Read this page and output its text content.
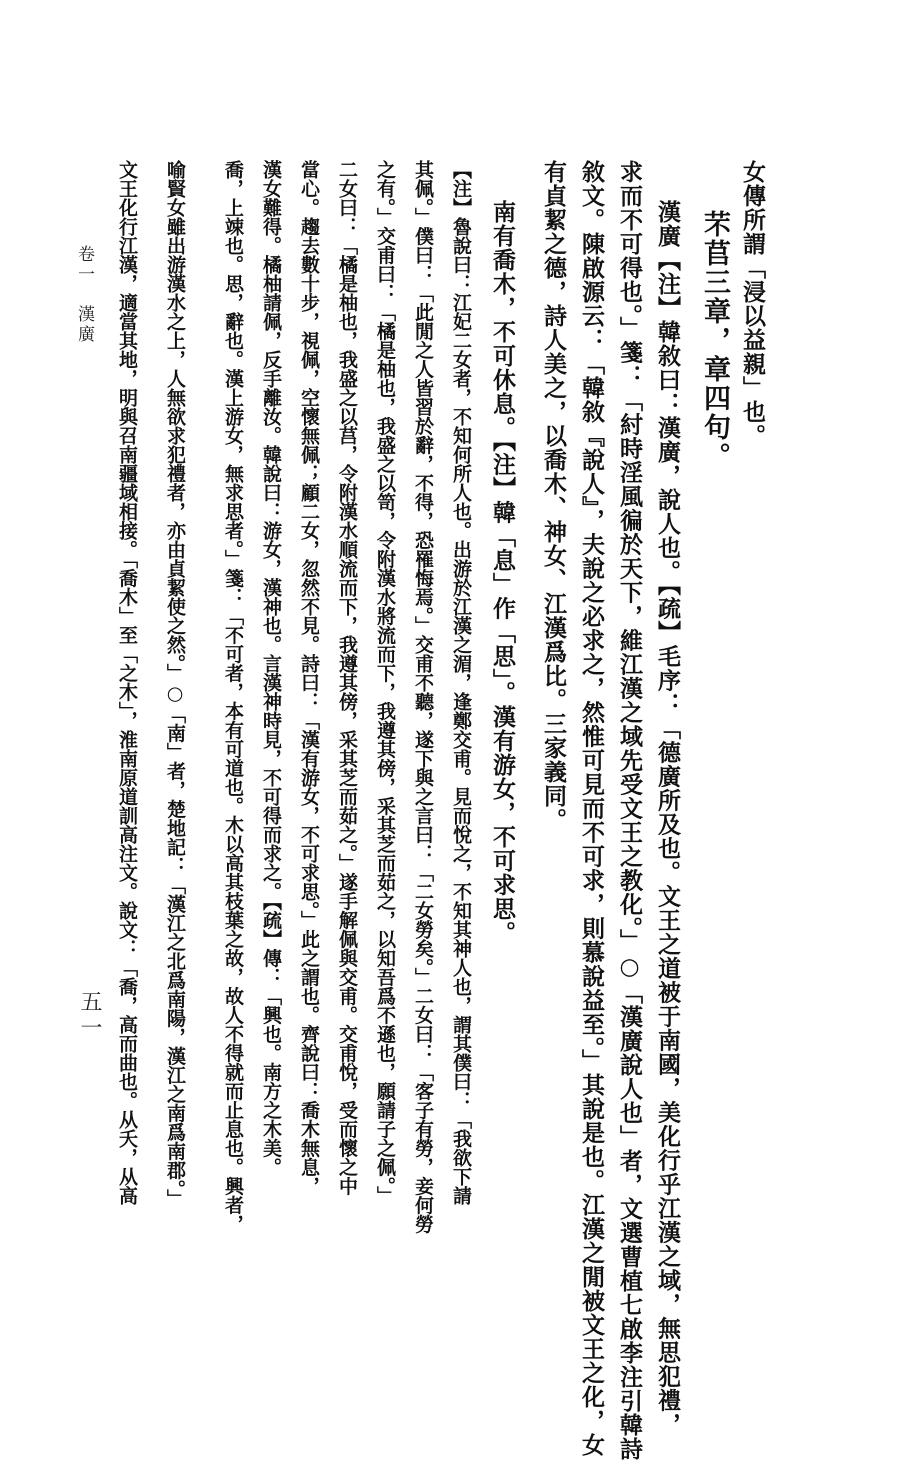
女傳所謂「浸以益親」也。
芣苢三章，章四句。
漢廣【注】韓敘曰：漢廣，說人也。【疏】毛序：「德廣所及也。文王之道被于南國，美化行乎江漢之域，無思犯禮，
求而不可得也。」箋：「紂時淫風徧於天下，維江漢之域先受文王之教化。」○「漢廣說人也」者，文選曹植七啟李注引韓詩
敘文。陳啟源云：「韓敘『說人』，夫說之必求之，然惟可見而不可求，則慕說益至。」其說是也。江漢之閒被文王之化，女
有貞絜之德，詩人美之，以喬木、神女、江漢爲比。三家義同。
南有喬木，不可休息。【注】韓「息」作「思」。漢有游女，不可求思。
【注】魯說曰：江妃二女者，不知何所人也。出游於江漢之湄，逢鄭交甫。見而悅之，不知其神人也，謂其僕曰：「我欲下請
其佩。」僕曰：「此閒之人皆習於辭，不得，恐罹悔焉。」交甫不聽，遂下與之言曰：「二女勞矣。」二女曰：「客子有勞，妾何勞
之有。」交甫曰：「橘是柚也，我盛之以笥，令附漢水將流而下，我遵其傍，采其芝而茹之，以知吾爲不遜也，願請子之佩。」
二女曰：「橘是柚也，我盛之以莒，令附漢水順流而下，我遵其傍，采其芝而茹之。」遂手解佩與交甫。交甫悅，受而懷之中
當心。趨去數十步，視佩，空懷無佩；顧二女，忽然不見。詩曰：「漢有游女，不可求思。」此之謂也。齊說曰：喬木無息，
漢女難得。橘柚請佩，反手離汝。韓說曰：游女，漢神也。言漢神時見，不可得而求之。【疏】傳：「興也。南方之木美。
喬，上竦也。思，辭也。漢上游女，無求思者。」箋：「不可者，本有可道也。木以高其枝葉之故，故人不得就而止息也。興者，
喻賢女雖出游漢水之上，人無欲求犯禮者，亦由貞絜使之然。」○「南」者，楚地記：「漢江之北爲南陽，漢江之南爲南郡。」
文王化行江漢，適當其地，明與召南疆域相接。「喬木」至「之木」，淮南原道訓高注文。說文：「喬，高而曲也。从夭，从高
卷一　漢廣
五一
